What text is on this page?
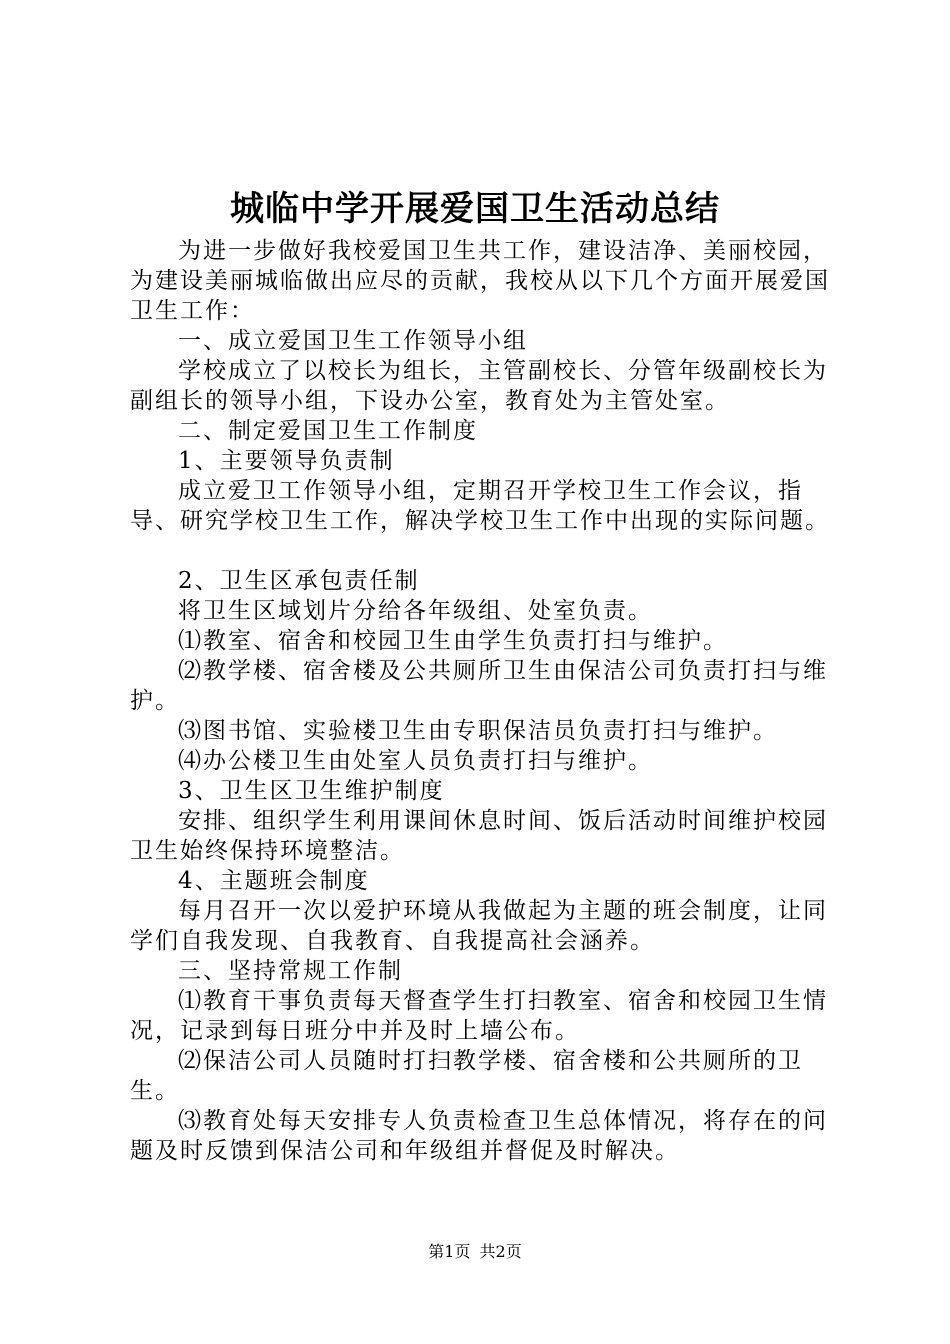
城临中学开展爱国卫生活动总结

为进一步做好我校爱国卫生共工作，建设洁净、美丽校园，为建设美丽城临做出应尽的贡献，我校从以下几个方面开展爱国卫生工作：

一、成立爱国卫生工作领导小组

学校成立了以校长为组长，主管副校长、分管年级副校长为副组长的领导小组，下设办公室，教育处为主管处室。

二、制定爱国卫生工作制度

1、主要领导负责制

成立爱卫工作领导小组，定期召开学校卫生工作会议，指导、研究学校卫生工作，解决学校卫生工作中出现的实际问题。

2、卫生区承包责任制

将卫生区域划片分给各年级组、处室负责。

⑴教室、宿舍和校园卫生由学生负责打扫与维护。

⑵教学楼、宿舍楼及公共厕所卫生由保洁公司负责打扫与维护。

⑶图书馆、实验楼卫生由专职保洁员负责打扫与维护。

⑷办公楼卫生由处室人员负责打扫与维护。

3、卫生区卫生维护制度

安排、组织学生利用课间休息时间、饭后活动时间维护校园卫生始终保持环境整洁。

4、主题班会制度

每月召开一次以爱护环境从我做起为主题的班会制度，让同学们自我发现、自我教育、自我提高社会涵养。

三、坚持常规工作制

⑴教育干事负责每天督查学生打扫教室、宿舍和校园卫生情况，记录到每日班分中并及时上墙公布。

⑵保洁公司人员随时打扫教学楼、宿舍楼和公共厕所的卫生。

⑶教育处每天安排专人负责检查卫生总体情况，将存在的问题及时反馈到保洁公司和年级组并督促及时解决。

第1页 共2页
